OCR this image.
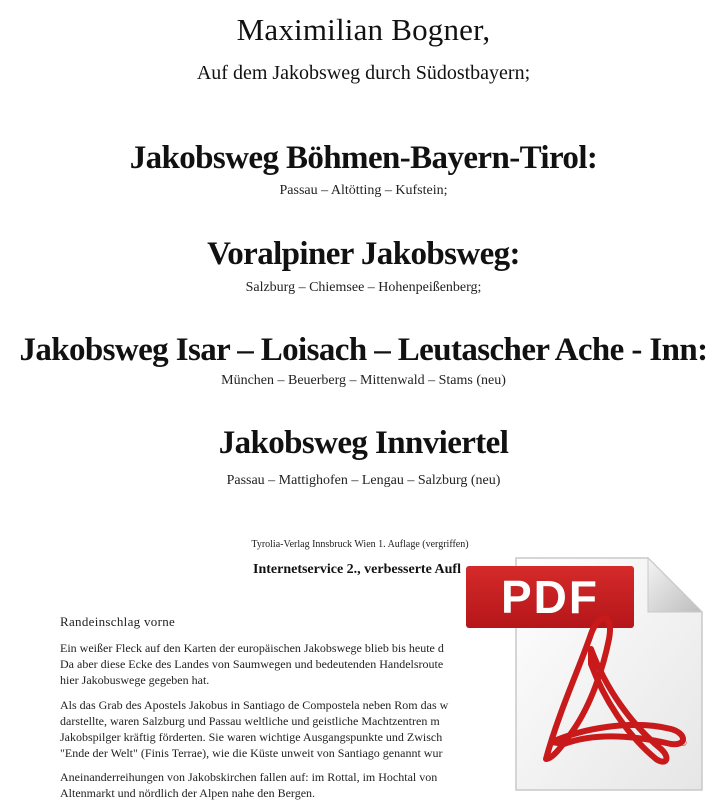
Maximilian Bogner,
Auf dem Jakobsweg durch Südostbayern;
Jakobsweg Böhmen-Bayern-Tirol:
Passau – Altötting – Kufstein;
Voralpiner Jakobsweg:
Salzburg – Chiemsee – Hohenpeißenberg;
Jakobsweg Isar – Loisach – Leutascher Ache - Inn:
München – Beuerberg – Mittenwald – Stams (neu)
Jakobsweg Innviertel
Passau – Mattighofen – Lengau – Salzburg (neu)
Tyrolia-Verlag Innsbruck Wien 1. Auflage (vergriffen)
Internetservice 2., verbesserte Aufl
Randeinschlag vorne
Ein weißer Fleck auf den Karten der europäischen Jakobswege blieb bis heute d
Da aber diese Ecke des Landes von Saumwegen und bedeutenden Handelsroute
hier Jakobuswege gegeben hat.
Als das Grab des Apostels Jakobus in Santiago de Compostela neben Rom das w
darstellte, waren Salzburg und Passau weltliche und geistliche Machtzentren m
Jakobspilger kräftig förderten. Sie waren wichtige Ausgangspunkte und Zwisch
"Ende der Welt" (Finis Terrae), wie die Küste unweit von Santiago genannt wur
Aneinanderreihungen von Jakobskirchen fallen auf: im Rottal, im Hochtal von
Altenmarkt und nördlich der Alpen nahe den Bergen.
®
PDF
